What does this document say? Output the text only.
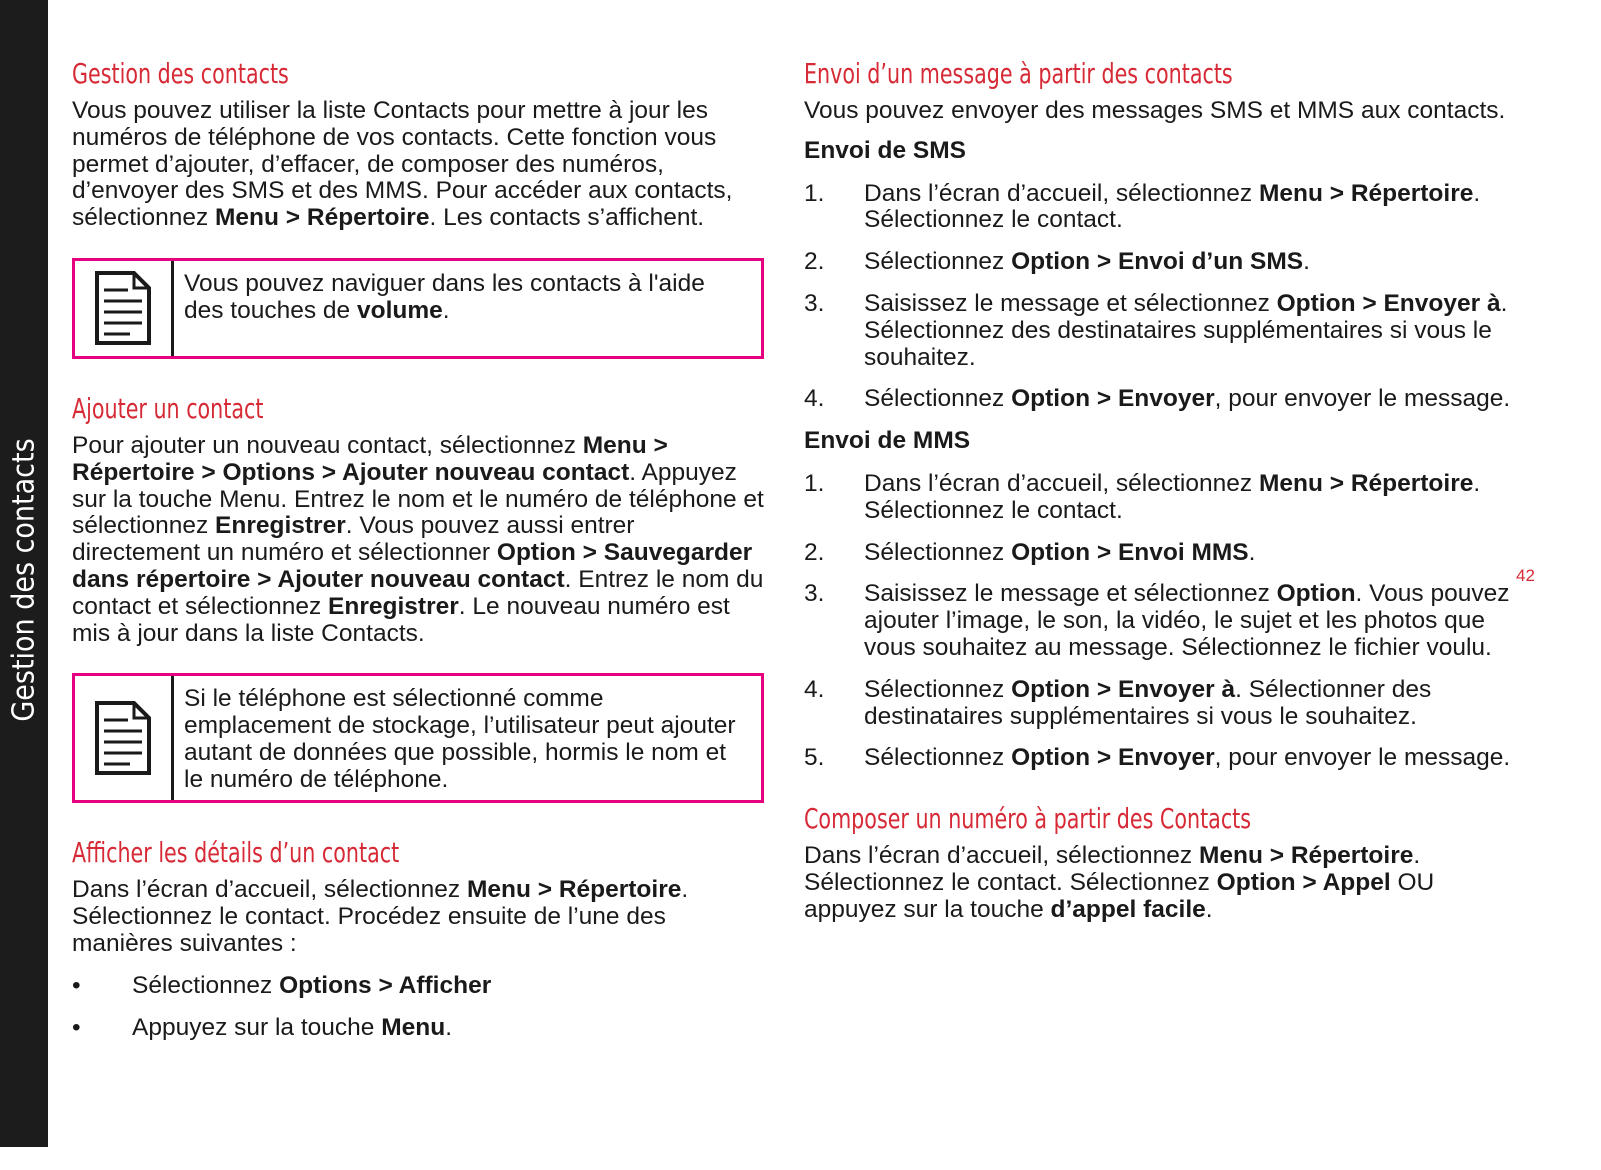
Gestion des contacts	42
Gestion des contacts

Vous pouvez utiliser la liste Contacts pour mettre à jour les numéros de téléphone de vos contacts. Cette fonction vous permet d’ajouter, d’effacer, de composer des numéros, d’envoyer des SMS et des MMS. Pour accéder aux contacts, sélectionnez Menu > Répertoire. Les contacts s’affichent.

Vous pouvez naviguer dans les contacts à l'aide des touches de volume.
Ajouter un contact

Pour ajouter un nouveau contact, sélectionnez Menu > Répertoire > Options > Ajouter nouveau contact. Appuyez sur la touche Menu. Entrez le nom et le numéro de téléphone et sélectionnez Enregistrer. Vous pouvez aussi entrer directement un numéro et sélectionner Option > Sauvegarder dans répertoire > Ajouter nouveau contact. Entrez le nom du contact et sélectionnez Enregistrer. Le nouveau numéro est mis à jour dans la liste Contacts.

Si le téléphone est sélectionné comme emplacement de stockage, l’utilisateur peut ajouter autant de données que possible, hormis le nom et le numéro de téléphone.
Afficher les détails d’un contact

Dans l’écran d’accueil, sélectionnez Menu > Répertoire. Sélectionnez le contact. Procédez ensuite de l’une des manières suivantes :

•	Sélectionnez Options > Afficher
•	Appuyez sur la touche Menu.
Envoi d’un message à partir des contacts

Vous pouvez envoyer des messages SMS et MMS aux contacts.

Envoi de SMS

1.	Dans l’écran d’accueil, sélectionnez Menu > Répertoire. Sélectionnez le contact.
2.	Sélectionnez Option > Envoi d’un SMS.
3.	Saisissez le message et sélectionnez Option > Envoyer à. Sélectionnez des destinataires supplémentaires si vous le souhaitez.
4.	Sélectionnez Option > Envoyer, pour envoyer le message.

Envoi de MMS

1.	Dans l’écran d’accueil, sélectionnez Menu > Répertoire. Sélectionnez le contact.
2.	Sélectionnez Option > Envoi MMS.
3.	Saisissez le message et sélectionnez Option. Vous pouvez ajouter l’image, le son, la vidéo, le sujet et les photos que vous souhaitez au message. Sélectionnez le fichier voulu.
4.	Sélectionnez Option > Envoyer à. Sélectionner des destinataires supplémentaires si vous le souhaitez.
5.	Sélectionnez Option > Envoyer, pour envoyer le message.
Composer un numéro à partir des Contacts

Dans l’écran d’accueil, sélectionnez Menu > Répertoire. Sélectionnez le contact. Sélectionnez Option > Appel OU appuyez sur la touche d’appel facile.
